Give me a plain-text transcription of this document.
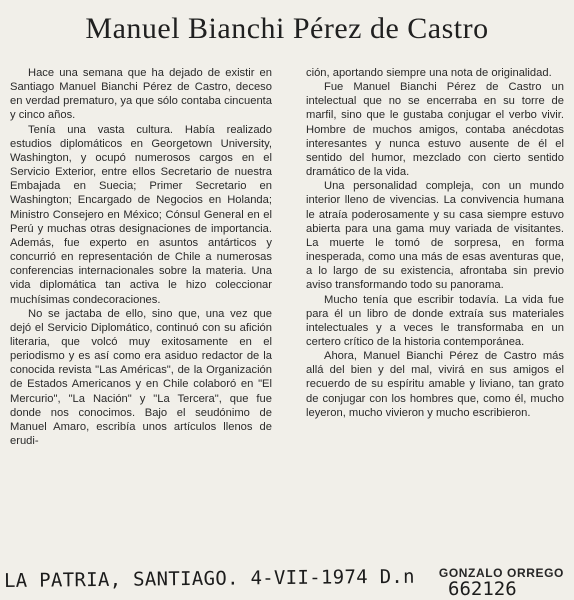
Manuel Bianchi Pérez de Castro

Hace una semana que ha dejado de existir en Santiago Manuel Bianchi Pérez de Castro, deceso en verdad prematuro, ya que sólo contaba cincuenta y cinco años.

Tenía una vasta cultura. Había realizado estudios diplomáticos en Georgetown University, Washington, y ocupó numerosos cargos en el Servicio Exterior, entre ellos Secretario de nuestra Embajada en Suecia; Primer Secretario en Washington; Encargado de Negocios en Holanda; Ministro Consejero en México; Cónsul General en el Perú y muchas otras designaciones de importancia. Además, fue experto en asuntos antárticos y concurrió en representación de Chile a numerosas conferencias internacionales sobre la materia. Una vida diplomática tan activa le hizo coleccionar muchísimas condecoraciones.

No se jactaba de ello, sino que, una vez que dejó el Servicio Diplomático, continuó con su afición literaria, que volcó muy exitosamente en el periodismo y es así como era asiduo redactor de la conocida revista "Las Américas", de la Organización de Estados Americanos y en Chile colaboró en "El Mercurio", "La Nación" y "La Tercera", que fue donde nos conocimos. Bajo el seudónimo de Manuel Amaro, escribía unos artículos llenos de erudi-

ción, aportando siempre una nota de originalidad.

Fue Manuel Bianchi Pérez de Castro un intelectual que no se encerraba en su torre de marfil, sino que le gustaba conjugar el verbo vivir. Hombre de muchos amigos, contaba anécdotas interesantes y nunca estuvo ausente de él el sentido del humor, mezclado con cierto sentido dramático de la vida.

Una personalidad compleja, con un mundo interior lleno de vivencias. La convivencia humana le atraía poderosamente y su casa siempre estuvo abierta para una gama muy variada de visitantes. La muerte le tomó de sorpresa, en forma inesperada, como una más de esas aventuras que, a lo largo de su existencia, afrontaba sin previo aviso transformando todo su panorama.

Mucho tenía que escribir todavía. La vida fue para él un libro de donde extraía sus materiales intelectuales y a veces le transformaba en un certero crítico de la historia contemporánea.

Ahora, Manuel Bianchi Pérez de Castro más allá del bien y del mal, vivirá en sus amigos el recuerdo de su espíritu amable y liviano, tan grato de conjugar con los hombres que, como él, mucho leyeron, mucho vivieron y mucho escribieron.

GONZALO ORREGO
LA PATRIA, SANTIAGO. 4-VII-1974 D.n 662126
